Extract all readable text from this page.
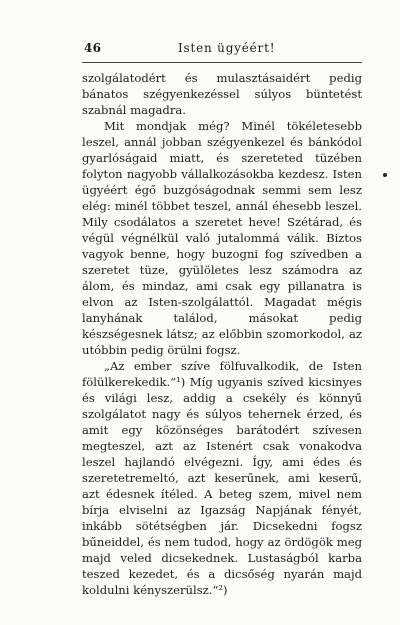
46	Isten ügyéért!

szolgálatodért és mulasztásaidért pedig bánatos szégyenkezéssel súlyos büntetést szabnál magadra.

Mit mondjak még? Minél tökéletesebb leszel, annál jobban szégyenkezel és bánkódol gyarlóságaid miatt, és szereteted tüzében folyton nagyobb vállalkozásokba kezdesz. Isten ügyéért égő buzgóságodnak semmi sem lesz elég: minél többet teszel, annál éhesebb leszel. Mily csodálatos a szeretet heve! Szétárad, és végül végnélkül való jutalommá válik. Biztos vagyok benne, hogy buzogni fog szívedben a szeretet tüze, gyülöletes lesz számodra az álom, és mindaz, ami csak egy pillanatra is elvon az Isten-szolgálattól. Magadat mégis lanyhának találod, másokat pedig készségesnek látsz; az előbbin szomorkodol, az utóbbin pedig örülni fogsz.

„Az ember szíve fölfuvalkodik, de Isten fölülkerekedik.“¹) Míg ugyanis szíved kicsinyes és világi lesz, addig a csekély és könnyű szolgálatot nagy és súlyos tehernek érzed, és amit egy közönséges barátodért szívesen megteszel, azt az Istenért csak vonakodva leszel hajlandó elvégezni. Így, ami édes és szeretetremeltó, azt keserűnek, ami keserű, azt édesnek ítéled. A beteg szem, mivel nem bírja elviselni az Igazság Napjának fényét, inkább sötétségben jár. Dicsekedni fogsz bűneiddel, és nem tudod, hogy az ördögök meg majd veled dicsekednek. Lustaságból karba teszed kezedet, és a dicsőség nyarán majd koldulni kényszerülsz.“²)
